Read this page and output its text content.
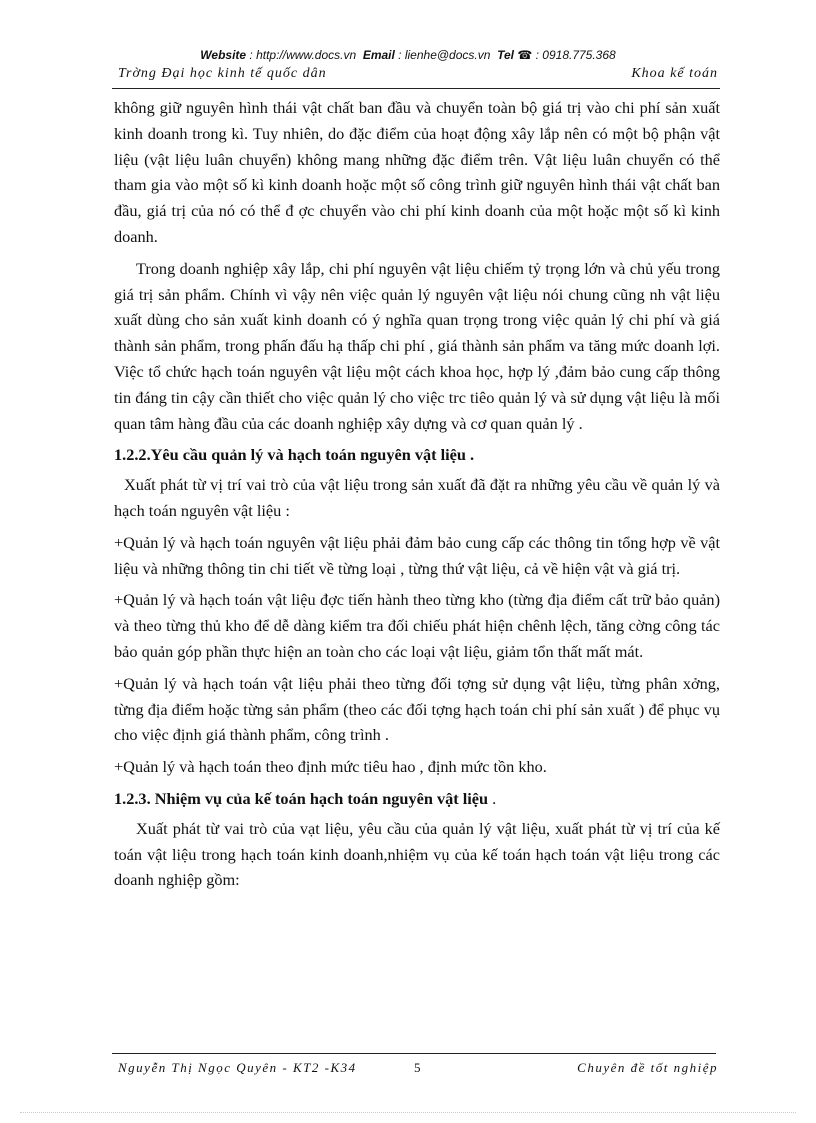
Website : http://www.docs.vn Email : lienhe@docs.vn Tel ☎ : 0918.775.368
Trờng Đại học kinh tế quốc dân	Khoa kế toán

không giữ nguyên hình thái vật chất ban đầu và chuyển toàn bộ giá trị vào chi phí sản xuất kinh doanh trong kì. Tuy nhiên, do đặc điểm của hoạt động xây lắp nên có một bộ phận vật liệu (vật liệu luân chuyển) không mang những đặc điểm trên. Vật liệu luân chuyển có thể tham gia vào một số kì kinh doanh hoặc một số công trình giữ nguyên hình thái vật chất ban đầu, giá trị của nó có thể đ ợc chuyển vào chi phí kinh doanh của một hoặc một số kì kinh doanh.

Trong doanh nghiệp xây lắp, chi phí nguyên vật liệu chiếm tỷ trọng lớn và chủ yếu trong giá trị sản phẩm. Chính vì vậy nên việc quản lý nguyên vật liệu nói chung cũng nh vật liệu xuất dùng cho sản xuất kinh doanh có ý nghĩa quan trọng trong việc quản lý chi phí và giá thành sản phẩm, trong phấn đấu hạ thấp chi phí , giá thành sản phẩm va tăng mức doanh lợi. Việc tổ chức hạch toán nguyên vật liệu một cách khoa học, hợp lý ,đảm bảo cung cấp thông tin đáng tin cậy cần thiết cho việc quản lý cho việc trc tiêo quản lý và sử dụng vật liệu là mối quan tâm hàng đầu của các doanh nghiệp xây dựng và cơ quan quản lý .

1.2.2.Yêu cầu quản lý và hạch toán nguyên vật liệu .

Xuất phát từ vị trí vai trò của vật liệu trong sản xuất đã đặt ra những yêu cầu về quản lý và hạch toán nguyên vật liệu :

+Quản lý và hạch toán nguyên vật liệu phải đảm bảo cung cấp các thông tin tổng hợp về vật liệu và những thông tin chi tiết về từng loại , từng thứ vật liệu, cả về hiện vật và giá trị.

+Quản lý và hạch toán vật liệu đợc tiến hành theo từng kho (từng địa điểm cất trữ bảo quản) và theo từng thủ kho để dễ dàng kiểm tra đối chiếu phát hiện chênh lệch, tăng cờng công tác bảo quản góp phần thực hiện an toàn cho các loại vật liệu, giảm tổn thất mất mát.

+Quản lý và hạch toán vật liệu phải theo từng đối tợng sử dụng vật liệu, từng phân xởng, từng địa điểm hoặc từng sản phẩm (theo các đối tợng hạch toán chi phí sản xuất ) để phục vụ cho việc định giá thành phẩm, công trình .

+Quản lý và hạch toán theo định mức tiêu hao , định mức tồn kho.

1.2.3. Nhiệm vụ của kế toán hạch toán nguyên vật liệu .

Xuất phát từ vai trò của vạt liệu, yêu cầu của quản lý vật liệu, xuất phát từ vị trí của kế toán vật liệu trong hạch toán kinh doanh,nhiệm vụ của kế toán hạch toán vật liệu trong các doanh nghiệp gồm:

Nguyễn Thị Ngọc Quyên - KT2 -K34	5	Chuyên đề tốt nghiệp
